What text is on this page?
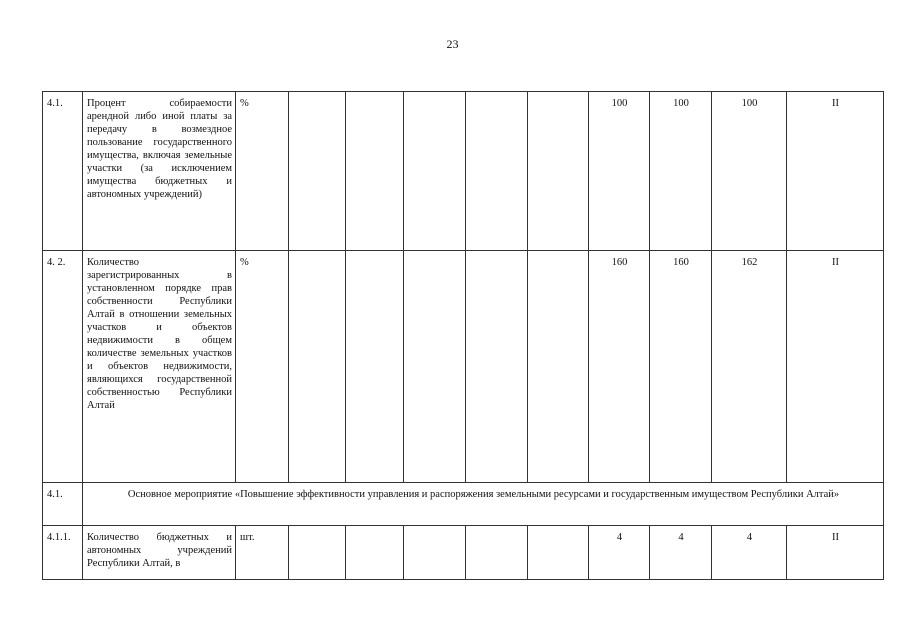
23
4.1.	Процент собираемости арендной либо иной платы за передачу в возмездное пользование государственного имущества, включая земельные участки (за исключением имущества бюджетных и автономных учреждений)	%						100	100	100	II
4. 2.	Количество зарегистрированных в установленном порядке прав собственности Республики Алтай в отношении земельных участков и объектов недвижимости в общем количестве земельных участков и объектов недвижимости, являющихся государственной собственностью Республики Алтай	%						160	160	162	II
4.1.	Основное мероприятие «Повышение эффективности управления и распоряжения земельными ресурсами и государственным имуществом Республики Алтай»										
4.1.1.	Количество бюджетных и автономных учреждений Республики Алтай, в	шт.						4	4	4	II
